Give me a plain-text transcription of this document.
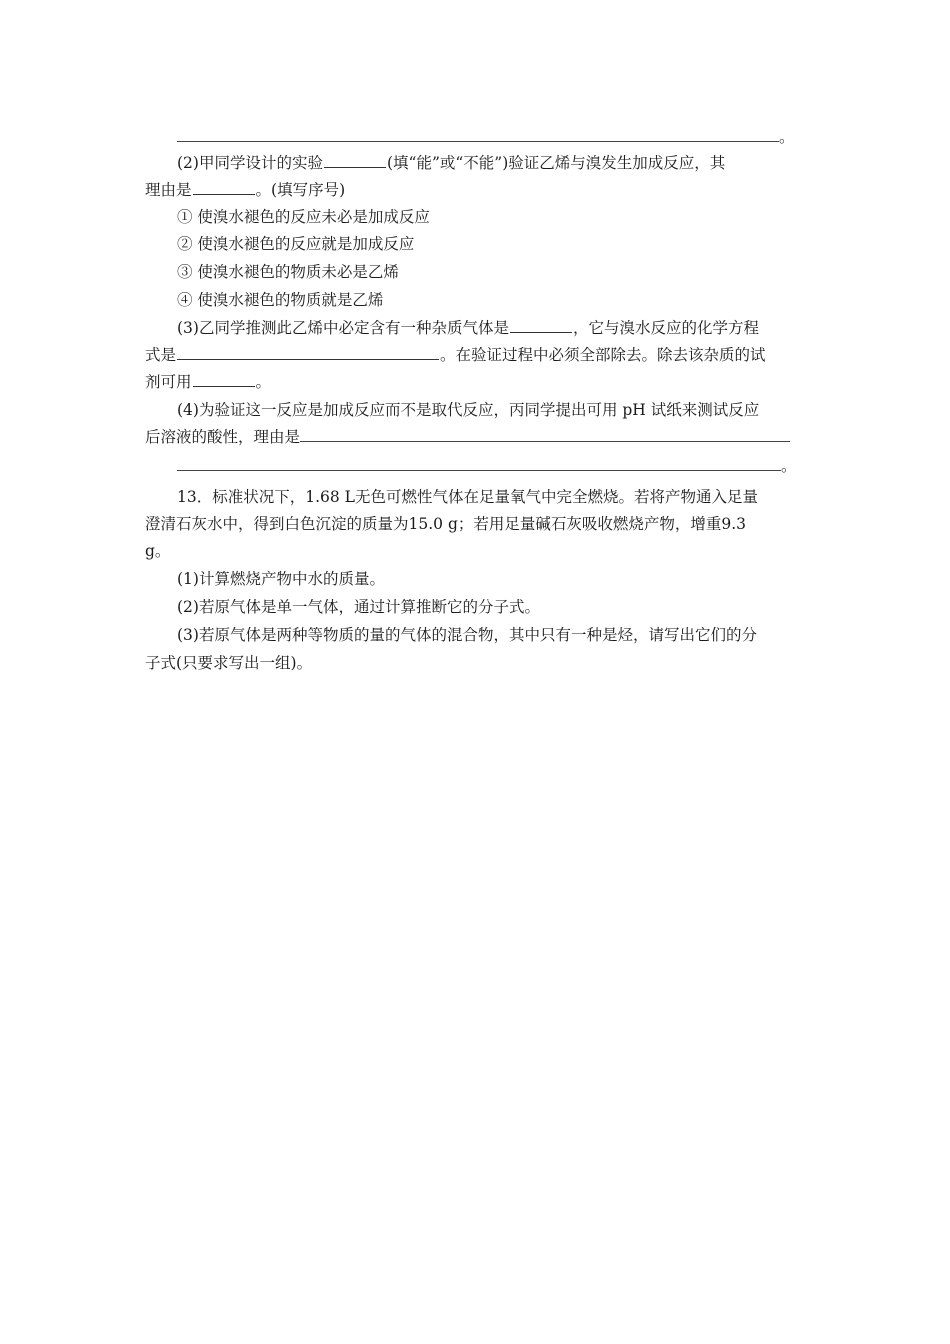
。
(2)甲同学设计的实验	(填“能”或“不能”)验证乙烯与溴发生加成反应，其
理由是	。(填写序号)
① 使溴水褪色的反应未必是加成反应
② 使溴水褪色的反应就是加成反应
③ 使溴水褪色的物质未必是乙烯
④ 使溴水褪色的物质就是乙烯
(3)乙同学推测此乙烯中必定含有一种杂质气体是	，它与溴水反应的化学方程
式是	。在验证过程中必须全部除去。除去该杂质的试
剂可用	。
(4)为验证这一反应是加成反应而不是取代反应，丙同学提出可用 pH 试纸来测试反应
后溶液的酸性，理由是
。
13．标准状况下，1.68 L无色可燃性气体在足量氧气中完全燃烧。若将产物通入足量
澄清石灰水中，得到白色沉淀的质量为15.0 g；若用足量碱石灰吸收燃烧产物，增重9.3
g。
(1)计算燃烧产物中水的质量。
(2)若原气体是单一气体，通过计算推断它的分子式。
(3)若原气体是两种等物质的量的气体的混合物，其中只有一种是烃，请写出它们的分
子式(只要求写出一组)。
